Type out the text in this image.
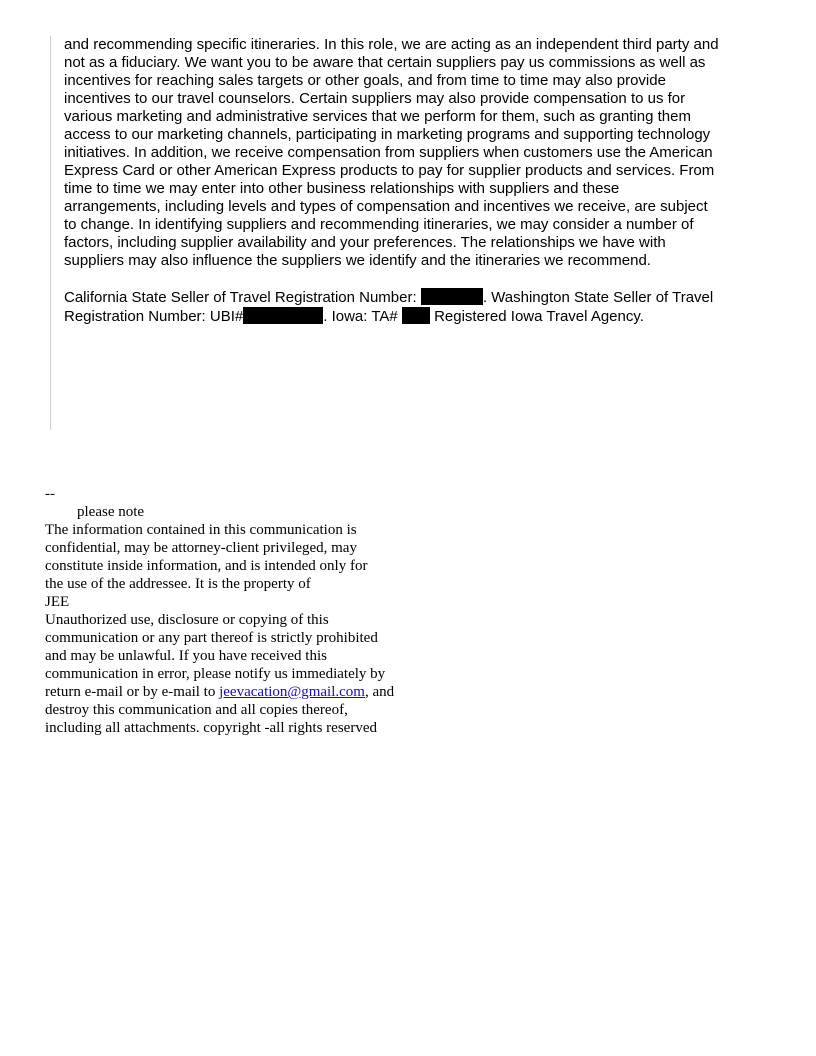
and recommending specific itineraries. In this role, we are acting as an independent third party and
not as a fiduciary. We want you to be aware that certain suppliers pay us commissions as well as
incentives for reaching sales targets or other goals, and from time to time may also provide
incentives to our travel counselors. Certain suppliers may also provide compensation to us for
various marketing and administrative services that we perform for them, such as granting them
access to our marketing channels, participating in marketing programs and supporting technology
initiatives. In addition, we receive compensation from suppliers when customers use the American
Express Card or other American Express products to pay for supplier products and services. From
time to time we may enter into other business relationships with suppliers and these
arrangements, including levels and types of compensation and incentives we receive, are subject
to change. In identifying suppliers and recommending itineraries, we may consider a number of
factors, including supplier availability and your preferences. The relationships we have with
suppliers may also influence the suppliers we identify and the itineraries we recommend.

California State Seller of Travel Registration Number:	. Washington State Seller of Travel
Registration Number: UBI#	. Iowa: TA#  Registered Iowa Travel Agency.

--
please note
The information contained in this communication is
confidential, may be attorney-client privileged, may
constitute inside information, and is intended only for
the use of the addressee. It is the property of
JEE
Unauthorized use, disclosure or copying of this
communication or any part thereof is strictly prohibited
and may be unlawful. If you have received this
communication in error, please notify us immediately by
return e-mail or by e-mail to jeevacation@gmail.com, and
destroy this communication and all copies thereof,
including all attachments. copyright -all rights reserved
